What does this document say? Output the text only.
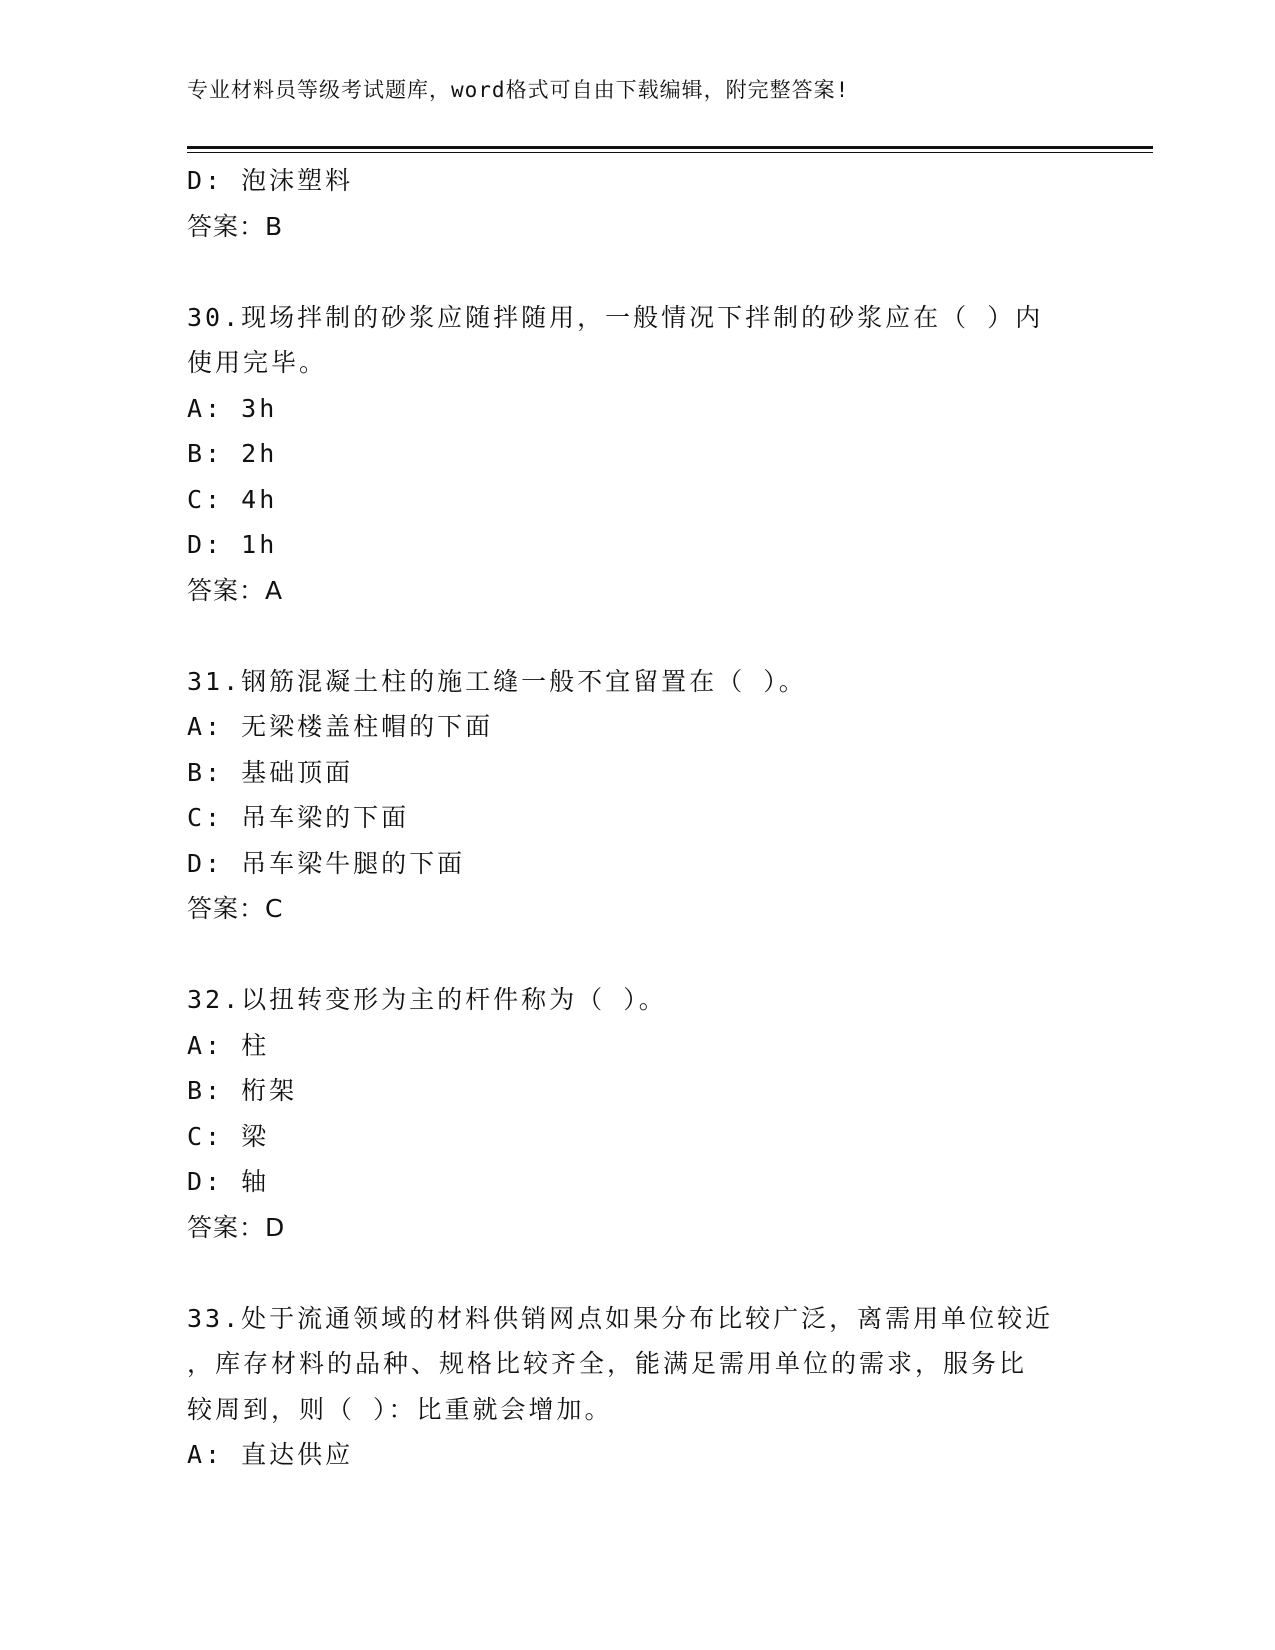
专业材料员等级考试题库，word格式可自由下载编辑，附完整答案!
D: 泡沫塑料
答案：B
30.现场拌制的砂浆应随拌随用，一般情况下拌制的砂浆应在（ ）内
使用完毕。
A: 3h
B: 2h
C: 4h
D: 1h
答案：A
31.钢筋混凝土柱的施工缝一般不宜留置在（ ）。
A: 无梁楼盖柱帽的下面
B: 基础顶面
C: 吊车梁的下面
D: 吊车梁牛腿的下面
答案：C
32.以扭转变形为主的杆件称为（ ）。
A: 柱
B: 桁架
C: 梁
D: 轴
答案：D
33.处于流通领域的材料供销网点如果分布比较广泛，离需用单位较近
，库存材料的品种、规格比较齐全，能满足需用单位的需求，服务比
较周到，则（ ）：比重就会增加。
A: 直达供应
